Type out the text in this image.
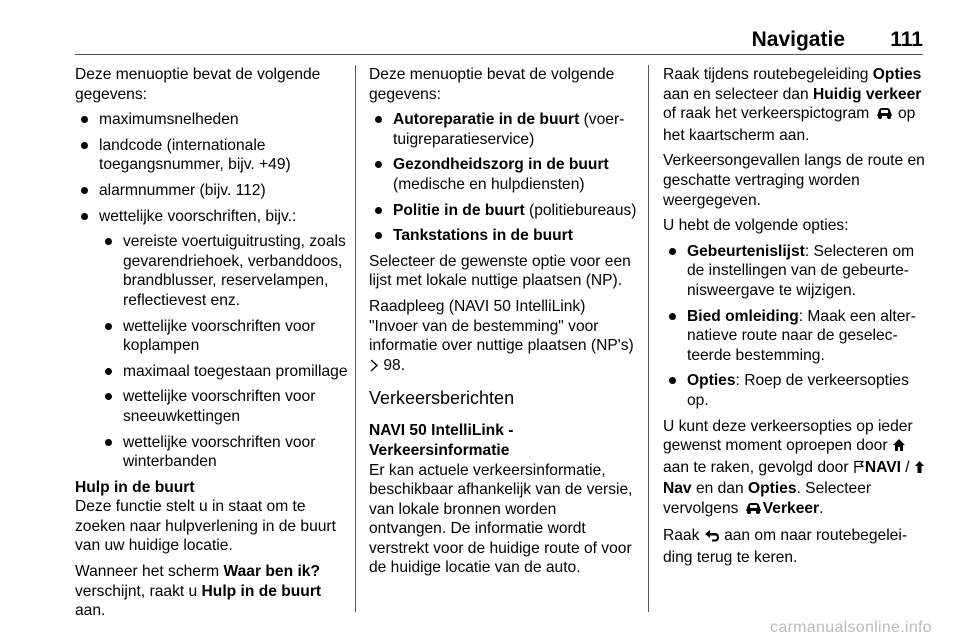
Navigatie 111

Deze menuoptie bevat de volgende gegevens:

maximumsnelheden
landcode (internationale toegangsnummer, bijv. +49)
alarmnummer (bijv. 112)
wettelijke voorschriften, bijv.:
vereiste voertuiguitrusting, zoals gevarendriehoek, verbanddoos, brandblusser, reservelampen, reflectievest enz.
wettelijke voorschriften voor koplampen
maximaal toegestaan promillage
wettelijke voorschriften voor sneeuwkettingen
wettelijke voorschriften voor winterbanden

Hulp in de buurt

Deze functie stelt u in staat om te zoeken naar hulpverlening in de buurt van uw huidige locatie.

Wanneer het scherm Waar ben ik? verschijnt, raakt u Hulp in de buurt aan.

Deze menuoptie bevat de volgende gegevens:

Autoreparatie in de buurt (voertuigreparatieservice)
Gezondheidszorg in de buurt (medische en hulpdiensten)
Politie in de buurt (politiebureaus)
Tankstations in de buurt

Selecteer de gewenste optie voor een lijst met lokale nuttige plaatsen (NP).

Raadpleeg (NAVI 50 IntelliLink) "Invoer van de bestemming" voor informatie over nuttige plaatsen (NP's)  98.

Verkeersberichten

NAVI 50 IntelliLink -

Verkeersinformatie

Er kan actuele verkeersinformatie, beschikbaar afhankelijk van de versie, van lokale bronnen worden ontvangen. De informatie wordt verstrekt voor de huidige route of voor de huidige locatie van de auto.

Raak tijdens routebegeleiding Opties aan en selecteer dan Huidig verkeer of raak het verkeerspictogram  op het kaartscherm aan.

Verkeersongevallen langs de route en geschatte vertraging worden weergegeven.

U hebt de volgende opties:

Gebeurtenislijst: Selecteren om de instellingen van de gebeurtenisweergave te wijzigen.
Bied omleiding: Maak een alternatieve route naar de geselecteerde bestemming.
Opties: Roep de verkeersopties op.

U kunt deze verkeersopties op ieder gewenst moment oproepen door  aan te raken, gevolgd door NAVI / Nav en dan Opties. Selecteer vervolgens Verkeer.

Raak  aan om naar routebegeleiding terug te keren.

carmanualsonline.info
